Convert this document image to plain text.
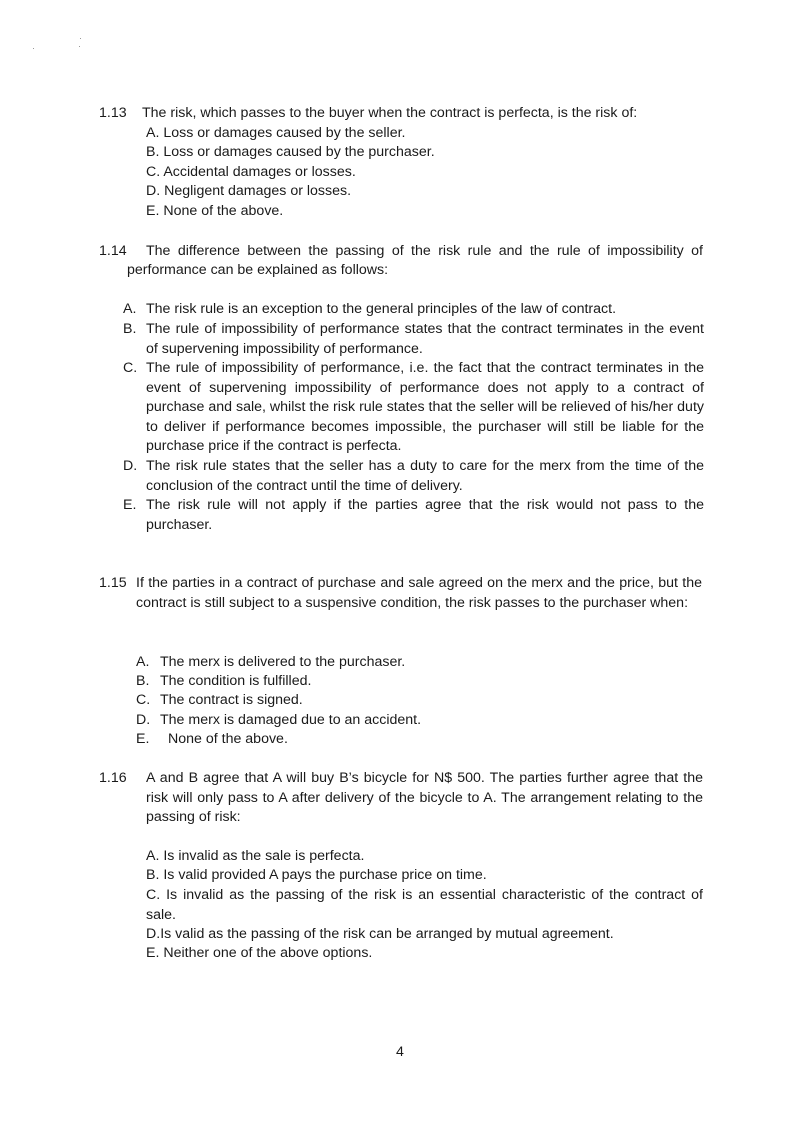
1.13 The risk, which passes to the buyer when the contract is perfecta, is the risk of:
A. Loss or damages caused by the seller.
B. Loss or damages caused by the purchaser.
C. Accidental damages or losses.
D. Negligent damages or losses.
E. None of the above.
1.14 The difference between the passing of the risk rule and the rule of impossibility of
performance can be explained as follows:
A. The risk rule is an exception to the general principles of the law of contract.
B. The rule of impossibility of performance states that the contract terminates in the event of supervening impossibility of performance.
C. The rule of impossibility of performance, i.e. the fact that the contract terminates in the event of supervening impossibility of performance does not apply to a contract of purchase and sale, whilst the risk rule states that the seller will be relieved of his/her duty to deliver if performance becomes impossible, the purchaser will still be liable for the purchase price if the contract is perfecta.
D. The risk rule states that the seller has a duty to care for the merx from the time of the conclusion of the contract until the time of delivery.
E. The risk rule will not apply if the parties agree that the risk would not pass to the purchaser.
1.15 If the parties in a contract of purchase and sale agreed on the merx and the price, but the contract is still subject to a suspensive condition, the risk passes to the purchaser when:
A. The merx is delivered to the purchaser.
B. The condition is fulfilled.
C. The contract is signed.
D. The merx is damaged due to an accident.
E. None of the above.
1.16 A and B agree that A will buy B’s bicycle for N$ 500. The parties further agree that the risk will only pass to A after delivery of the bicycle to A. The arrangement relating to the passing of risk:
A. Is invalid as the sale is perfecta.
B. Is valid provided A pays the purchase price on time.
C. Is invalid as the passing of the risk is an essential characteristic of the contract of sale.
D.Is valid as the passing of the risk can be arranged by mutual agreement.
E. Neither one of the above options.
4
